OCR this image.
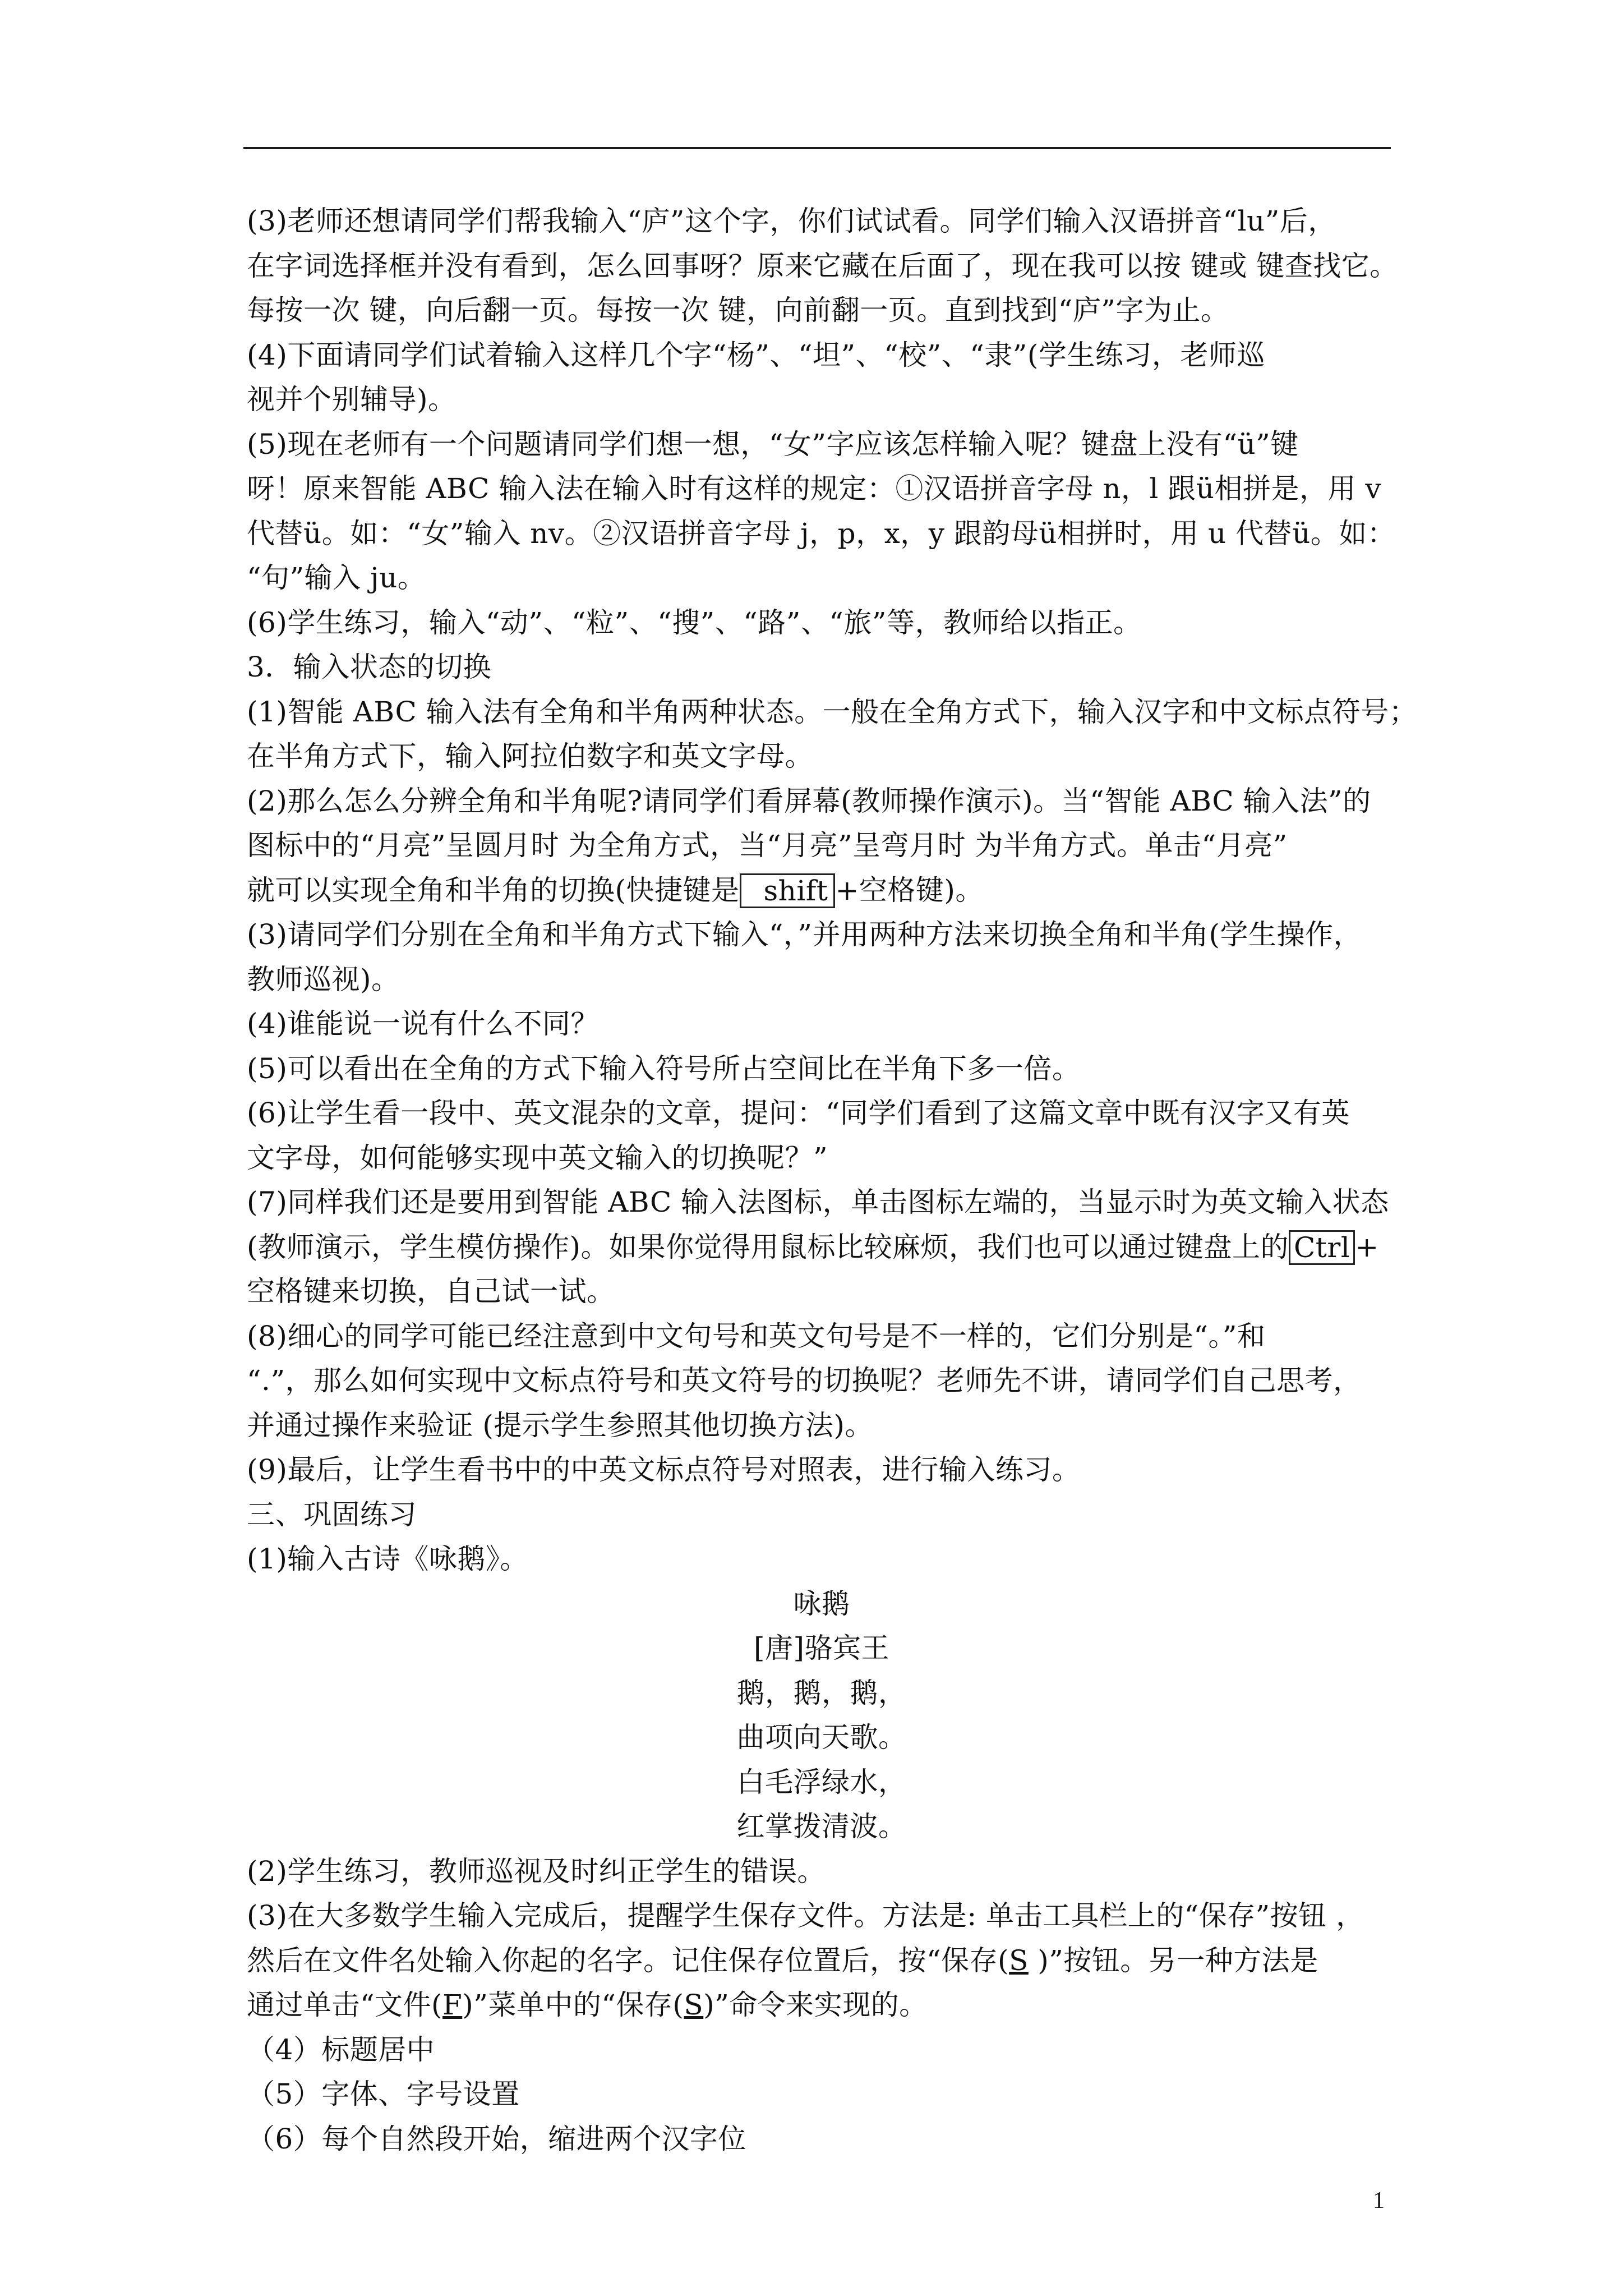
(3)老师还想请同学们帮我输入“庐”这个字，你们试试看。同学们输入汉语拼音“lu”后，
在字词选择框并没有看到，怎么回事呀？原来它藏在后面了，现在我可以按 键或 键查找它。
每按一次 键，向后翻一页。每按一次 键，向前翻一页。直到找到“庐”字为止。
(4)下面请同学们试着输入这样几个字“杨”、“坦”、“校”、“隶”(学生练习，老师巡
视并个别辅导)。
(5)现在老师有一个问题请同学们想一想，“女”字应该怎样输入呢？键盘上没有“ü”键
呀！原来智能 ABC 输入法在输入时有这样的规定：①汉语拼音字母 n，l 跟ü相拼是，用 v
代替ü。如：“女”输入 nv。②汉语拼音字母 j，p，x，y 跟韵母ü相拼时，用 u 代替ü。如：
“句”输入 ju。
(6)学生练习，输入“动”、“粒”、“搜”、“路”、“旅”等，教师给以指正。
3．输入状态的切换
(1)智能 ABC 输入法有全角和半角两种状态。一般在全角方式下，输入汉字和中文标点符号；
在半角方式下，输入阿拉伯数字和英文字母。
(2)那么怎么分辨全角和半角呢?请同学们看屏幕(教师操作演示)。当“智能 ABC 输入法”的
图标中的“月亮”呈圆月时 为全角方式，当“月亮”呈弯月时 为半角方式。单击“月亮”
就可以实现全角和半角的切换(快捷键是 shift +空格键)。
(3)请同学们分别在全角和半角方式下输入“，”并用两种方法来切换全角和半角(学生操作，
教师巡视)。
(4)谁能说一说有什么不同？
(5)可以看出在全角的方式下输入符号所占空间比在半角下多一倍。
(6)让学生看一段中、英文混杂的文章，提问：“同学们看到了这篇文章中既有汉字又有英
文字母，如何能够实现中英文输入的切换呢？”
(7)同样我们还是要用到智能 ABC 输入法图标，单击图标左端的，当显示时为英文输入状态
(教师演示，学生模仿操作)。如果你觉得用鼠标比较麻烦，我们也可以通过键盘上的 Ctrl +
空格键来切换，自己试一试。
(8)细心的同学可能已经注意到中文句号和英文句号是不一样的，它们分别是“。”和
“.”，那么如何实现中文标点符号和英文符号的切换呢？老师先不讲，请同学们自己思考，
并通过操作来验证 (提示学生参照其他切换方法)。
(9)最后，让学生看书中的中英文标点符号对照表，进行输入练习。
三、巩固练习
(1)输入古诗《咏鹅》。
咏鹅
[唐]骆宾王
鹅，鹅，鹅，
曲项向天歌。
白毛浮绿水，
红掌拨清波。
(2)学生练习，教师巡视及时纠正学生的错误。
(3)在大多数学生输入完成后，提醒学生保存文件。方法是: 单击工具栏上的“保存”按钮 ，
然后在文件名处输入你起的名字。记住保存位置后，按“保存(S )”按钮。另一种方法是
通过单击“文件(F)”菜单中的“保存(S)”命令来实现的。
（4）标题居中
（5）字体、字号设置
（6）每个自然段开始，缩进两个汉字位
1
